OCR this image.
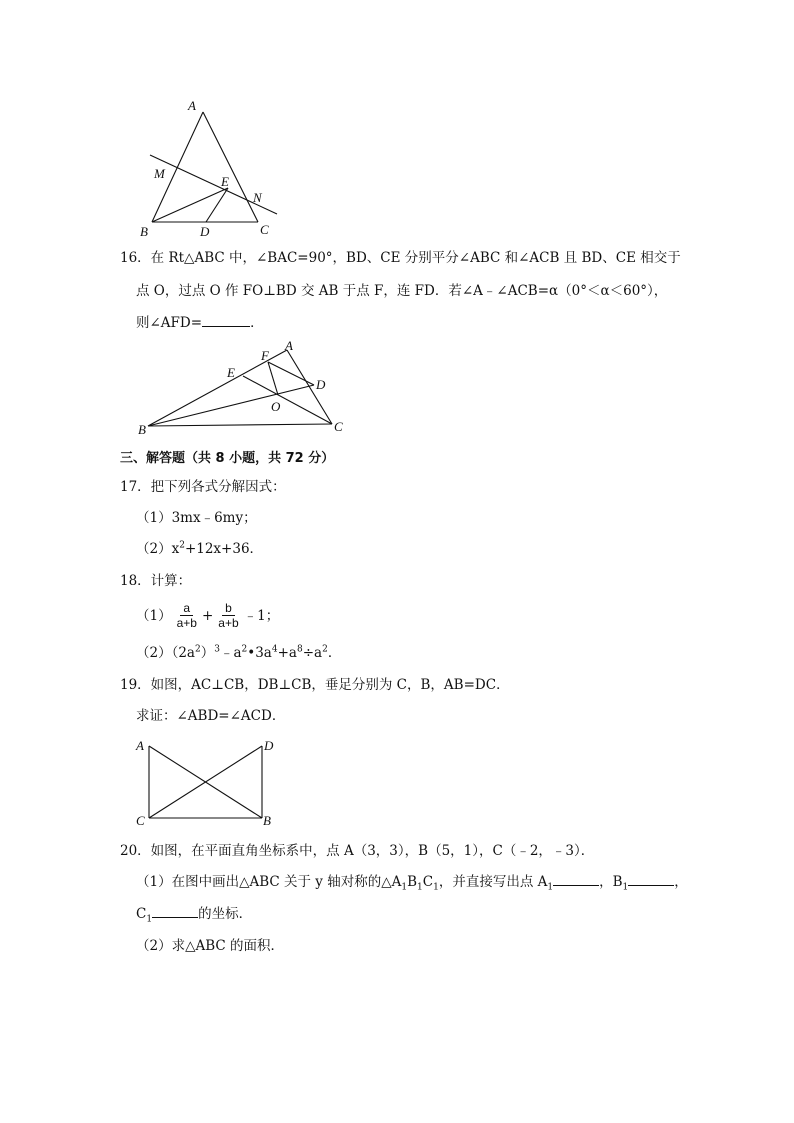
A
M
E
N
B	D	C
16．在 Rt△ABC 中，∠BAC=90°，BD、CE 分别平分∠ABC 和∠ACB 且 BD、CE 相交于
点 O，过点 O 作 FO⊥BD 交 AB 于点 F，连 FD．若∠A﹣∠ACB=α（0°＜α＜60°），
则∠AFD=	．
F
A
E
D
O
B	C
三、解答题（共 8 小题，共 72 分）
17．把下列各式分解因式：
（1）3mx﹣6my；
$(2)x^2+12x+36$．
18．计算：
$(1) \frac{a}{a+b} + \frac{b}{a+b}$ ﹣1；
$(2)(2a^2)^3﹣a^2•3a^4+a^8\div a^2$．
19．如图，AC⊥CB，DB⊥CB，垂足分别为 C，B，AB=DC．
求证：∠ABD=∠ACD．
A	D
C	B
20．如图，在平面直角坐标系中，点 A（3，3），B（5，1），C（﹣2，﹣3）．
（1）在图中画出△ABC 关于 y 轴对称的$\triangle A_1B_1C_1$，并直接写出点 $A_1$	，$B_1$	，
$C_1$	的坐标．
（2）求△ABC 的面积．
